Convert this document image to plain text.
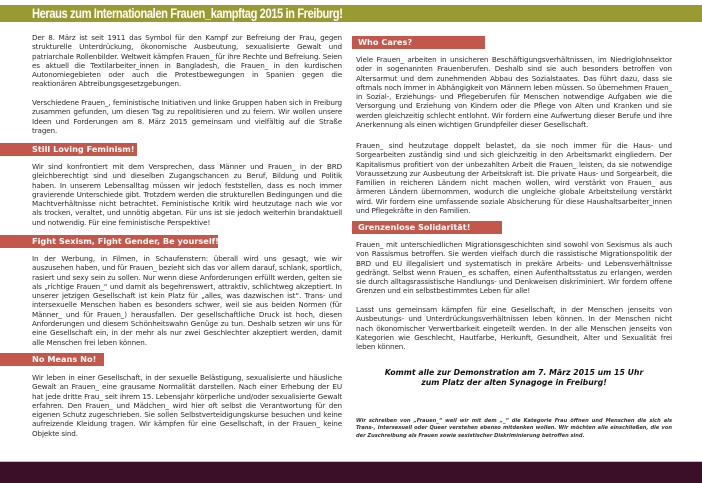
Heraus zum Internationalen Frauen_kampftag 2015 in Freiburg!

Der 8. März ist seit 1911 das Symbol für den Kampf zur Befreiung der Frau, gegen strukturelle Unterdrückung, ökonomische Ausbeutung, sexualisierte Gewalt und patriarchale Rollenbilder. Weltweit kämpfen Frauen_ für ihre Rechte und Befreiung. Seien es aktuell die Textilarbeiter_innen in Bangladesh, die Frauen_ in den kurdischen Autonomiegebieten oder auch die Protestbewegungen in Spanien gegen die reaktionären Abtreibungsgesetzgebungen.

Verschiedene Frauen_, feministische Initiativen und linke Gruppen haben sich in Freiburg zusammen gefunden, um diesen Tag zu repolitisieren und zu feiern. Wir wollen unsere Ideen und Forderungen am 8. März 2015 gemeinsam und vielfältig auf die Straße tragen.

Still Loving Feminism!

Wir sind konfrontiert mit dem Versprechen, dass Männer und Frauen_ in der BRD gleichberechtigt sind und dieselben Zugangschancen zu Beruf, Bildung und Politik haben. In unserem Lebensalltag müssen wir jedoch feststellen, dass es noch immer gravierende Unterschiede gibt. Trotzdem werden die strukturellen Bedingungen und die Machtverhältnisse nicht betrachtet. Feministische Kritik wird heutzutage nach wie vor als trocken, veraltet, und unnötig abgetan. Für uns ist sie jedoch weiterhin brandaktuell und notwendig. Für eine feministische Perspektive!

Fight Sexism, Fight Gender, Be yourself!

In der Werbung, in Filmen, in Schaufenstern: überall wird uns gesagt, wie wir auszusehen haben, und für Frauen_ bezieht sich das vor allem darauf, schlank, sportlich, rasiert und sexy sein zu sollen. Nur wenn diese Anforderungen erfüllt werden, gelten sie als „richtige Frauen_“ und damit als begehrenswert, attraktiv, schlichtweg akzeptiert. In unserer jetzigen Gesellschaft ist kein Platz für „alles, was dazwischen ist“. Trans- und intersexuelle Menschen haben es besonders schwer, weil sie aus beiden Normen (für Männer_ und für Frauen_) herausfallen. Der gesellschaftliche Druck ist hoch, diesen Anforderungen und diesem Schönheitswahn Genüge zu tun. Deshalb setzen wir uns für eine Gesellschaft ein, in der mehr als nur zwei Geschlechter akzeptiert werden, damit alle Menschen frei leben können.

No Means No!

Wir leben in einer Gesellschaft, in der sexuelle Belästigung, sexualisierte und häusliche Gewalt an Frauen_ eine grausame Normalität darstellen. Nach einer Erhebung der EU hat jede dritte Frau_ seit ihrem 15. Lebensjahr körperliche und/oder sexualisierte Gewalt erfahren. Den Frauen_ und Mädchen_ wird hier oft selbst die Verantwortung für den eigenen Schutz zugeschrieben. Sie sollen Selbstverteidigungskurse besuchen und keine aufreizende Kleidung tragen. Wir kämpfen für eine Gesellschaft, in der Frauen_ keine Objekte sind.

Who Cares?

Viele Frauen_ arbeiten in unsicheren Beschäftigungsverhältnissen, im Niedriglohnsektor oder in sogenannten Frauenberufen. Deshalb sind sie auch besonders betroffen von Altersarmut und dem zunehmenden Abbau des Sozialstaates. Das führt dazu, dass sie oftmals noch immer in Abhängigkeit von Männern leben müssen. So übernehmen Frauen_ in Sozial-, Erziehungs- und Pflegeberufen für Menschen notwendige Aufgaben wie die Versorgung und Erziehung von Kindern oder die Pflege von Alten und Kranken und sie werden gleichzeitig schlecht entlohnt. Wir fordern eine Aufwertung dieser Berufe und ihre Anerkennung als einen wichtigen Grundpfeiler dieser Gesellschaft.

Frauen_ sind heutzutage doppelt belastet, da sie noch immer für die Haus- und Sorgearbeiten zuständig sind und sich gleichzeitig in den Arbeitsmarkt eingliedern. Der Kapitalismus profitiert von der unbezahlten Arbeit die Frauen_ leisten, da sie notwendige Voraussetzung zur Ausbeutung der Arbeitskraft ist. Die private Haus- und Sorgearbeit, die Familien in reicheren Ländern nicht machen wollen, wird verstärkt von Frauen_ aus ärmeren Ländern übernommen, wodurch die ungleiche globale Arbeitsteilung verstärkt wird. Wir fordern eine umfassende soziale Absicherung für diese Haushaltsarbeiter_innen und Pflegekräfte in den Familien.

Grenzenlose Solidarität!

Frauen_ mit unterschiedlichen Migrationsgeschichten sind sowohl von Sexismus als auch von Rassismus betroffen. Sie werden vielfach durch die rassistische Migrationspolitik der BRD und EU illegalisiert und systematisch in prekäre Arbeits- und Lebensverhältnisse gedrängt. Selbst wenn Frauen_ es schaffen, einen Aufenthaltsstatus zu erlangen, werden sie durch alltagsrassistische Handlungs- und Denkweisen diskriminiert. Wir fordern offene Grenzen und ein selbstbestimmtes Leben für alle!

Lasst uns gemeinsam kämpfen für eine Gesellschaft, in der Menschen jenseits von Ausbeutungs- und Unterdrückungsverhältnissen leben können. In der Menschen nicht nach ökonomischer Verwertbarkeit eingeteilt werden. In der alle Menschen jenseits von Kategorien wie Geschlecht, Hautfarbe, Herkunft, Gesundheit, Alter und Sexualität frei leben können.

Kommt alle zur Demonstration am 7. März 2015 um 15 Uhr
zum Platz der alten Synagoge in Freiburg!
Wir schreiben von „Frauen_“ weil wir mit dem „_“ die Kategorie Frau öffnen und Menschen die sich als Trans-, Intersexuell oder Queer verstehen ebenso mitdenken wollen. Wir möchten alle einschließen, die von der Zuschreibung als Frauen sowie sexistischer Diskriminierung betroffen sind.
